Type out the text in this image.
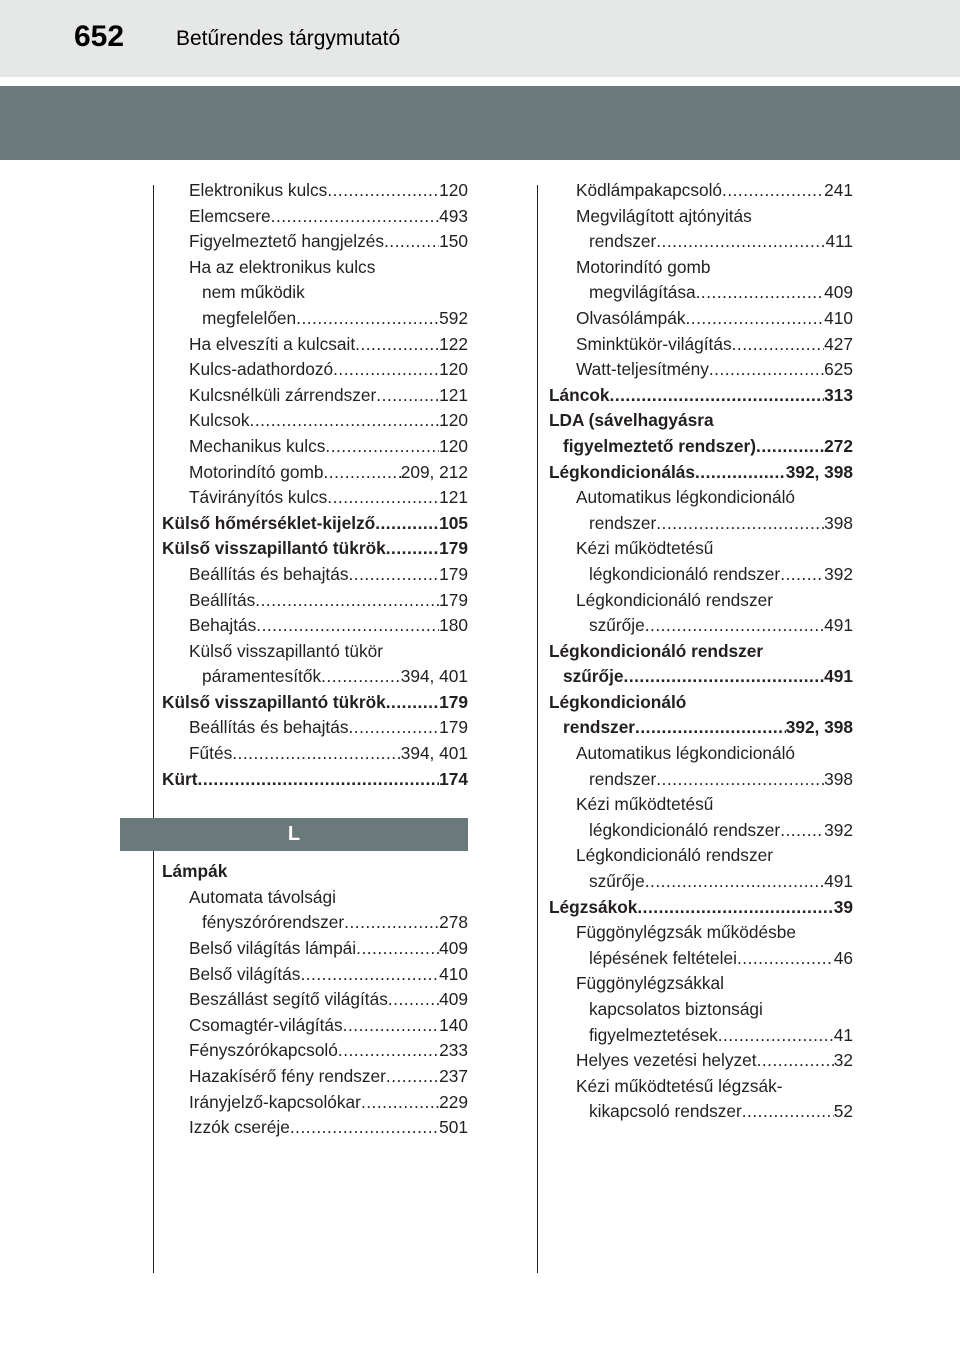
652 Betűrendes tárgymutató
Elektronikus kulcs .....	120
Elemcsere .....	493
Figyelmeztető hangjelzés .....	150
Ha az elektronikus kulcs
nem működik
megfelelően .....	592
Ha elveszíti a kulcsait .....	122
Kulcs-adathordozó .....	120
Kulcsnélküli zárrendszer .....	121
Kulcsok .....	120
Mechanikus kulcs .....	120
Motorindító gomb .....	209, 212
Távirányítós kulcs .....	121
Külső hőmérséklet-kijelző .....	105
Külső visszapillantó tükrök .....	179
Beállítás és behajtás .....	179
Beállítás .....	179
Behajtás .....	180
Külső visszapillantó tükör
páramentesítők .....	394, 401
Külső visszapillantó tükrök .....	179
Beállítás és behajtás .....	179
Fűtés .....	394, 401
Kürt .....	174
L
Lámpák
Automata távolsági
fényszórórendszer .....	278
Belső világítás lámpái .....	409
Belső világítás .....	410
Beszállást segítő világítás .....	409
Csomagtér-világítás .....	140
Fényszórókapcsoló .....	233
Hazakísérő fény rendszer .....	237
Irányjelző-kapcsolókar .....	229
Izzók cseréje .....	501
Ködlámpakapcsoló .....	241
Megvilágított ajtónyitás
rendszer .....	411
Motorindító gomb
megvilágítása .....	409
Olvasólámpák .....	410
Sminktükör-világítás .....	427
Watt-teljesítmény .....	625
Láncok .....	313
LDA (sávelhagyásra
figyelmeztető rendszer) .....	272
Légkondicionálás .....	392, 398
Automatikus légkondicionáló
rendszer .....	398
Kézi működtetésű
légkondicionáló rendszer .....	392
Légkondicionáló rendszer
szűrője .....	491
Légkondicionáló rendszer
szűrője .....	491
Légkondicionáló
rendszer .....	392, 398
Automatikus légkondicionáló
rendszer .....	398
Kézi működtetésű
légkondicionáló rendszer .....	392
Légkondicionáló rendszer
szűrője .....	491
Légzsákok .....	39
Függönylégzsák működésbe
lépésének feltételei .....	46
Függönylégzsákkal
kapcsolatos biztonsági
figyelmeztetések .....	41
Helyes vezetési helyzet .....	32
Kézi működtetésű légzsák-
kikapcsoló rendszer .....	52
